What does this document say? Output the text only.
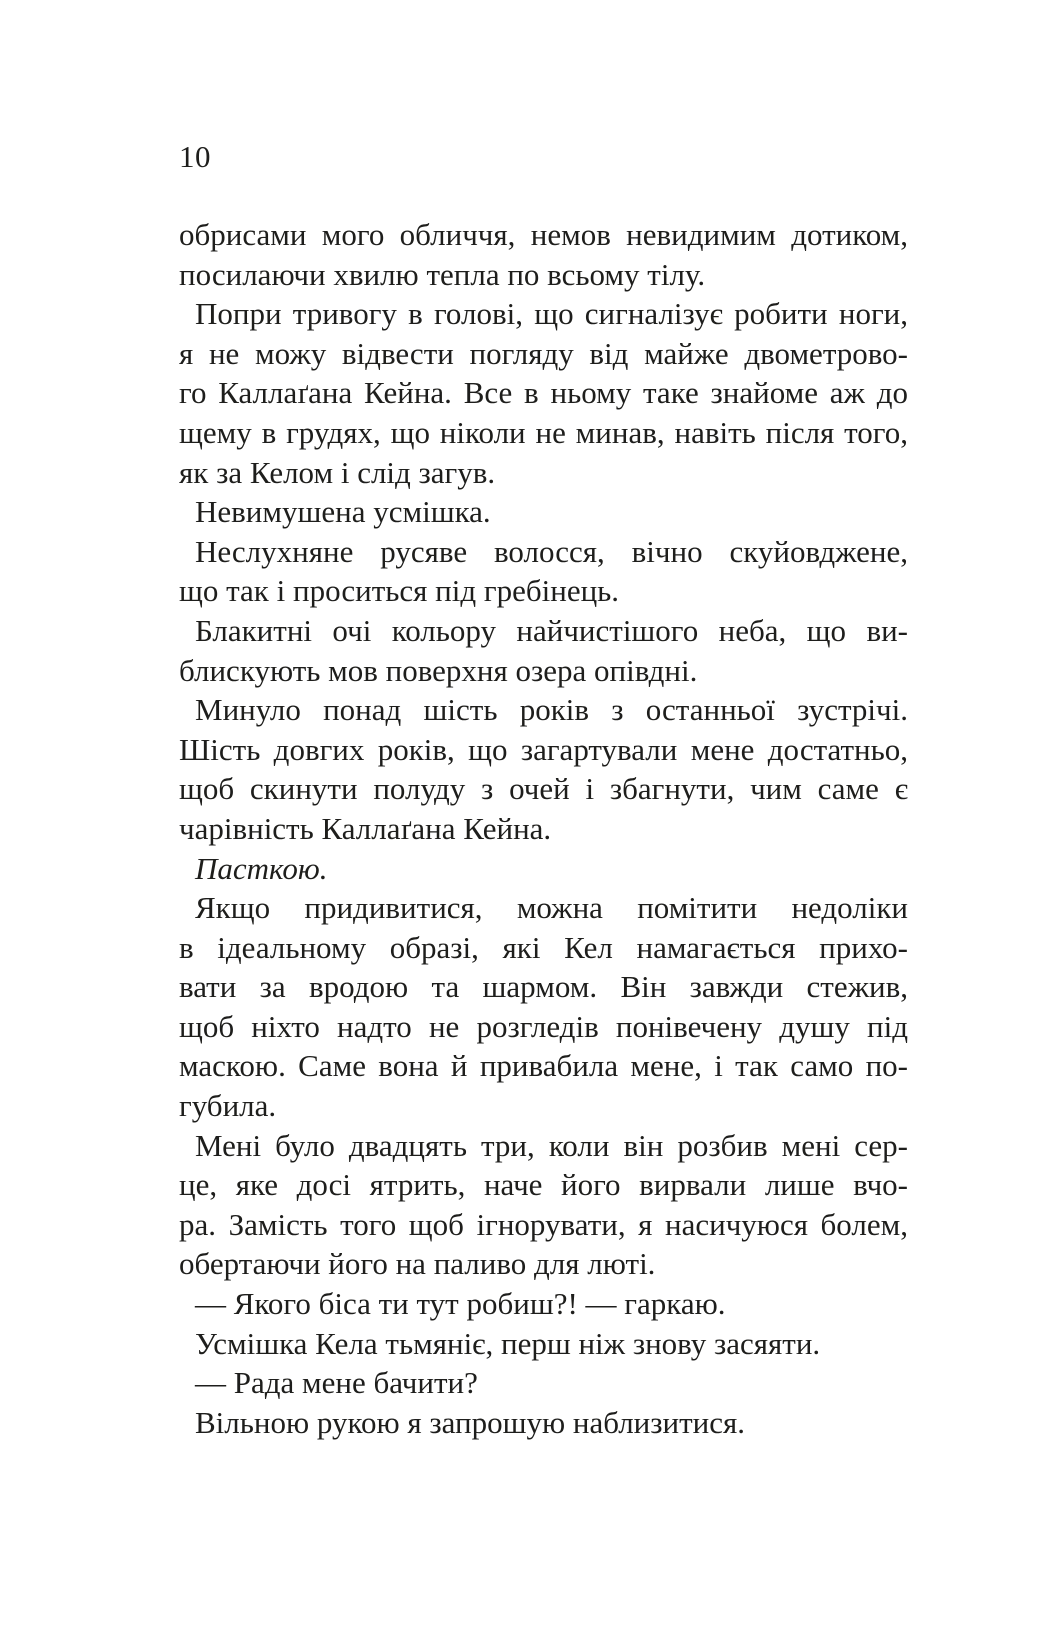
10
обрисами мого обличчя, немов невидимим дотиком,
посилаючи хвилю тепла по всьому тілу.
Попри тривогу в голові, що сигналізує робити ноги,
я не можу відвести погляду від майже двометрово-
го Каллаґана Кейна. Все в ньому таке знайоме аж до
щему в грудях, що ніколи не минав, навіть після того,
як за Келом і слід загув.
Невимушена усмішка.
Неслухняне русяве волосся, вічно скуйовджене,
що так і проситься під гребінець.
Блакитні очі кольору найчистішого неба, що ви-
блискують мов поверхня озера опівдні.
Минуло понад шість років з останньої зустрічі.
Шість довгих років, що загартували мене достатньо,
щоб скинути полуду з очей і збагнути, чим саме є
чарівність Каллаґана Кейна.
Пасткою.
Якщо придивитися, можна помітити недоліки
в ідеальному образі, які Кел намагається прихо-
вати за вродою та шармом. Він завжди стежив,
щоб ніхто надто не розгледів понівечену душу під
маскою. Саме вона й привабила мене, і так само по-
губила.
Мені було двадцять три, коли він розбив мені сер-
це, яке досі ятрить, наче його вирвали лише вчо-
ра. Замість того щоб ігнорувати, я насичуюся болем,
обертаючи його на паливо для люті.
— Якого біса ти тут робиш?! — гаркаю.
Усмішка Кела тьмяніє, перш ніж знову засяяти.
— Рада мене бачити?
Вільною рукою я запрошую наблизитися.
